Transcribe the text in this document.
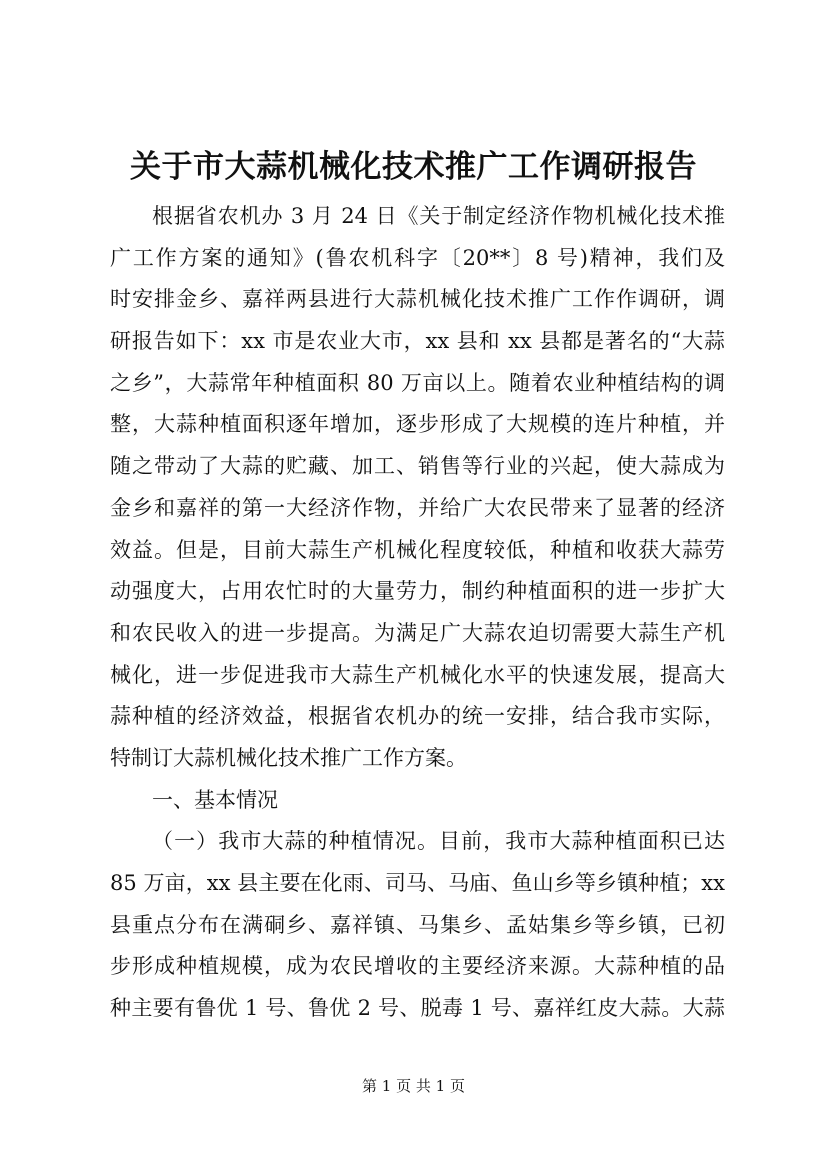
关于市大蒜机械化技术推广工作调研报告
根据省农机办 3 月 24 日《关于制定经济作物机械化技术推
广工作方案的通知》(鲁农机科字〔20**〕8 号)精神，我们及
时安排金乡、嘉祥两县进行大蒜机械化技术推广工作作调研，调
研报告如下：xx 市是农业大市，xx 县和 xx 县都是著名的“大蒜
之乡”，大蒜常年种植面积 80 万亩以上。随着农业种植结构的调
整，大蒜种植面积逐年增加，逐步形成了大规模的连片种植，并
随之带动了大蒜的贮藏、加工、销售等行业的兴起，使大蒜成为
金乡和嘉祥的第一大经济作物，并给广大农民带来了显著的经济
效益。但是，目前大蒜生产机械化程度较低，种植和收获大蒜劳
动强度大，占用农忙时的大量劳力，制约种植面积的进一步扩大
和农民收入的进一步提高。为满足广大蒜农迫切需要大蒜生产机
械化，进一步促进我市大蒜生产机械化水平的快速发展，提高大
蒜种植的经济效益，根据省农机办的统一安排，结合我市实际，
特制订大蒜机械化技术推广工作方案。
一、基本情况
（一）我市大蒜的种植情况。目前，我市大蒜种植面积已达
85 万亩，xx 县主要在化雨、司马、马庙、鱼山乡等乡镇种植；xx
县重点分布在满硐乡、嘉祥镇、马集乡、孟姑集乡等乡镇，已初
步形成种植规模，成为农民增收的主要经济来源。大蒜种植的品
种主要有鲁优 1 号、鲁优 2 号、脱毒 1 号、嘉祥红皮大蒜。大蒜
第 1 页 共 1 页
